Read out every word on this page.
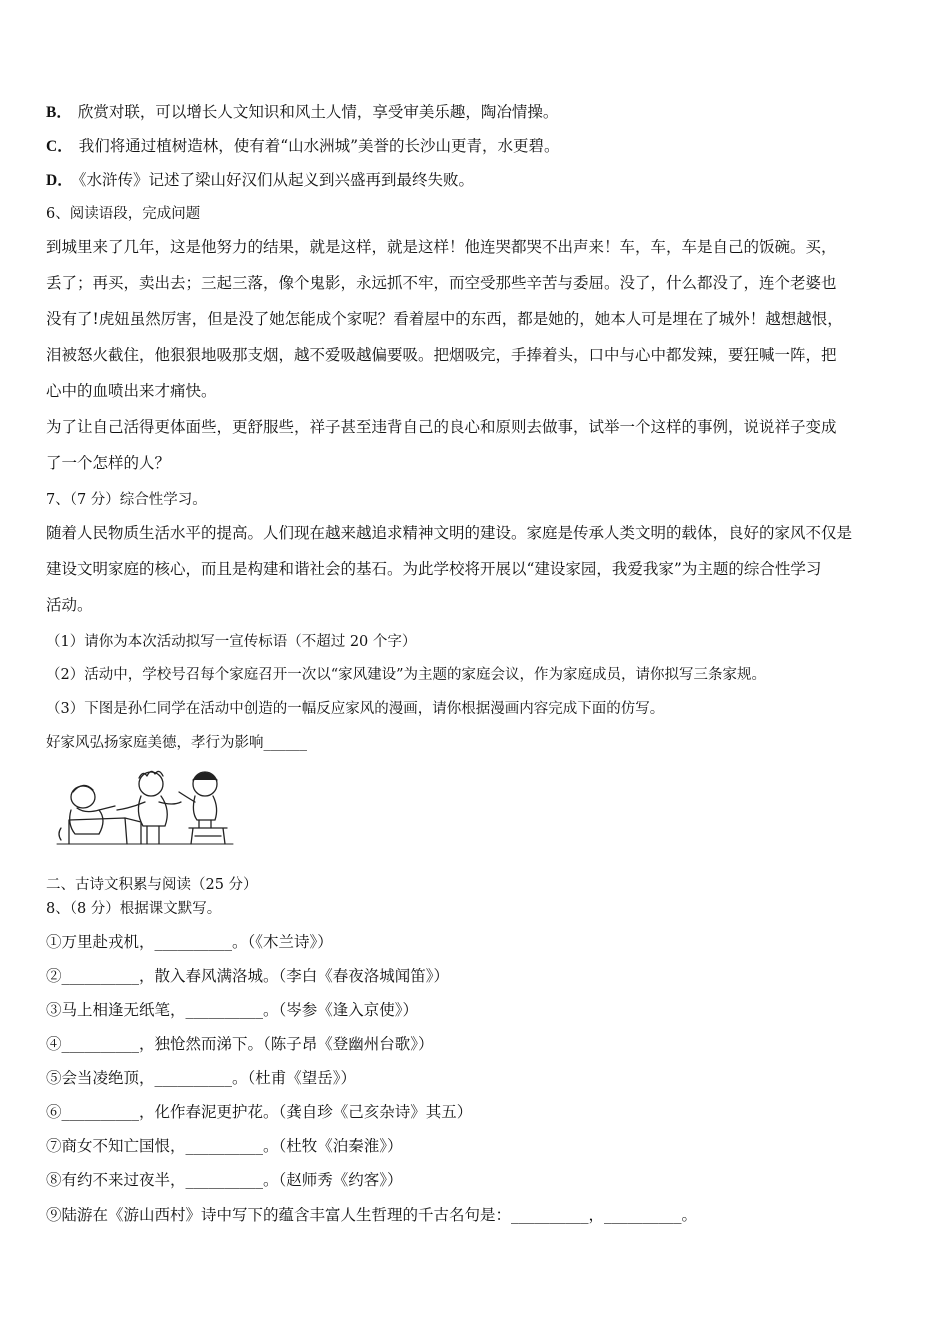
B． 欣赏对联，可以增长人文知识和风土人情，享受审美乐趣，陶冶情操。
C． 我们将通过植树造林，使有着“山水洲城”美誉的长沙山更青，水更碧。
D． 《水浒传》记述了梁山好汉们从起义到兴盛再到最终失败。
6、阅读语段，完成问题
到城里来了几年，这是他努力的结果，就是这样，就是这样！他连哭都哭不出声来！车，车，车是自己的饭碗。买，
丢了；再买，卖出去；三起三落，像个鬼影，永远抓不牢，而空受那些辛苦与委屈。没了，什么都没了，连个老婆也
没有了!虎妞虽然厉害，但是没了她怎能成个家呢？看着屋中的东西，都是她的，她本人可是埋在了城外！越想越恨，
泪被怒火截住，他狠狠地吸那支烟，越不爱吸越偏要吸。把烟吸完，手捧着头，口中与心中都发辣，要狂喊一阵，把
心中的血喷出来才痛快。
为了让自己活得更体面些，更舒服些，祥子甚至违背自己的良心和原则去做事，试举一个这样的事例，说说祥子变成
了一个怎样的人？
7、（7 分）综合性学习。
随着人民物质生活水平的提高。人们现在越来越追求精神文明的建设。家庭是传承人类文明的载体，良好的家风不仅是
建设文明家庭的核心，而且是构建和谐社会的基石。为此学校将开展以“建设家园，我爱我家”为主题的综合性学习
活动。
（1）请你为本次活动拟写一宣传标语（不超过 20 个字）
（2）活动中，学校号召每个家庭召开一次以“家风建设”为主题的家庭会议，作为家庭成员，请你拟写三条家规。
（3）下图是孙仁同学在活动中创造的一幅反应家风的漫画，请你根据漫画内容完成下面的仿写。
好家风弘扬家庭美德，孝行为影响______
二、古诗文积累与阅读（25 分）
8、（8 分）根据课文默写。
①万里赴戎机，__________。（《木兰诗》）
②__________，散入春风满洛城。（李白《春夜洛城闻笛》）
③马上相逢无纸笔，__________。（岑参《逢入京使》）
④__________，独怆然而涕下。（陈子昂《登幽州台歌》）
⑤会当凌绝顶，__________。（杜甫《望岳》）
⑥__________，化作春泥更护花。（龚自珍《己亥杂诗》其五）
⑦商女不知亡国恨，__________。（杜牧《泊秦淮》）
⑧有约不来过夜半，__________。（赵师秀《约客》）
⑨陆游在《游山西村》诗中写下的蕴含丰富人生哲理的千古名句是：__________，__________。
